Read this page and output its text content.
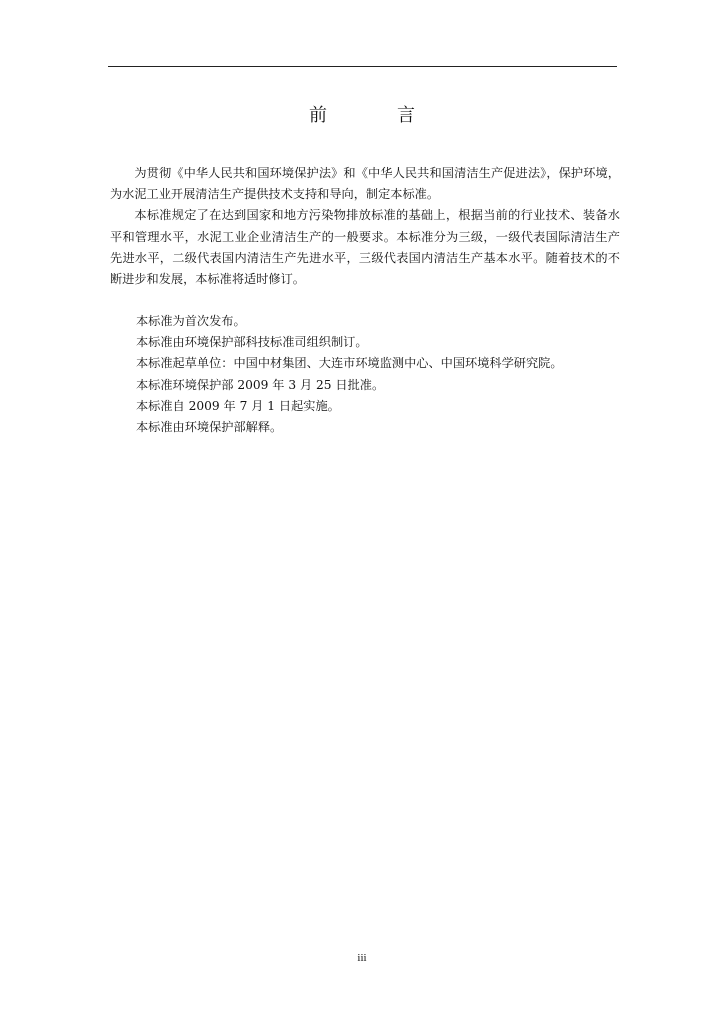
前　言

为贯彻《中华人民共和国环境保护法》和《中华人民共和国清洁生产促进法》，保护环境，为水泥工业开展清洁生产提供技术支持和导向，制定本标准。

本标准规定了在达到国家和地方污染物排放标准的基础上，根据当前的行业技术、装备水平和管理水平，水泥工业企业清洁生产的一般要求。本标准分为三级，一级代表国际清洁生产先进水平，二级代表国内清洁生产先进水平，三级代表国内清洁生产基本水平。随着技术的不断进步和发展，本标准将适时修订。

本标准为首次发布。

本标准由环境保护部科技标准司组织制订。

本标准起草单位：中国中材集团、大连市环境监测中心、中国环境科学研究院。

本标准环境保护部 2009 年 3 月 25 日批准。

本标准自 2009 年 7 月 1 日起实施。

本标准由环境保护部解释。

iii
